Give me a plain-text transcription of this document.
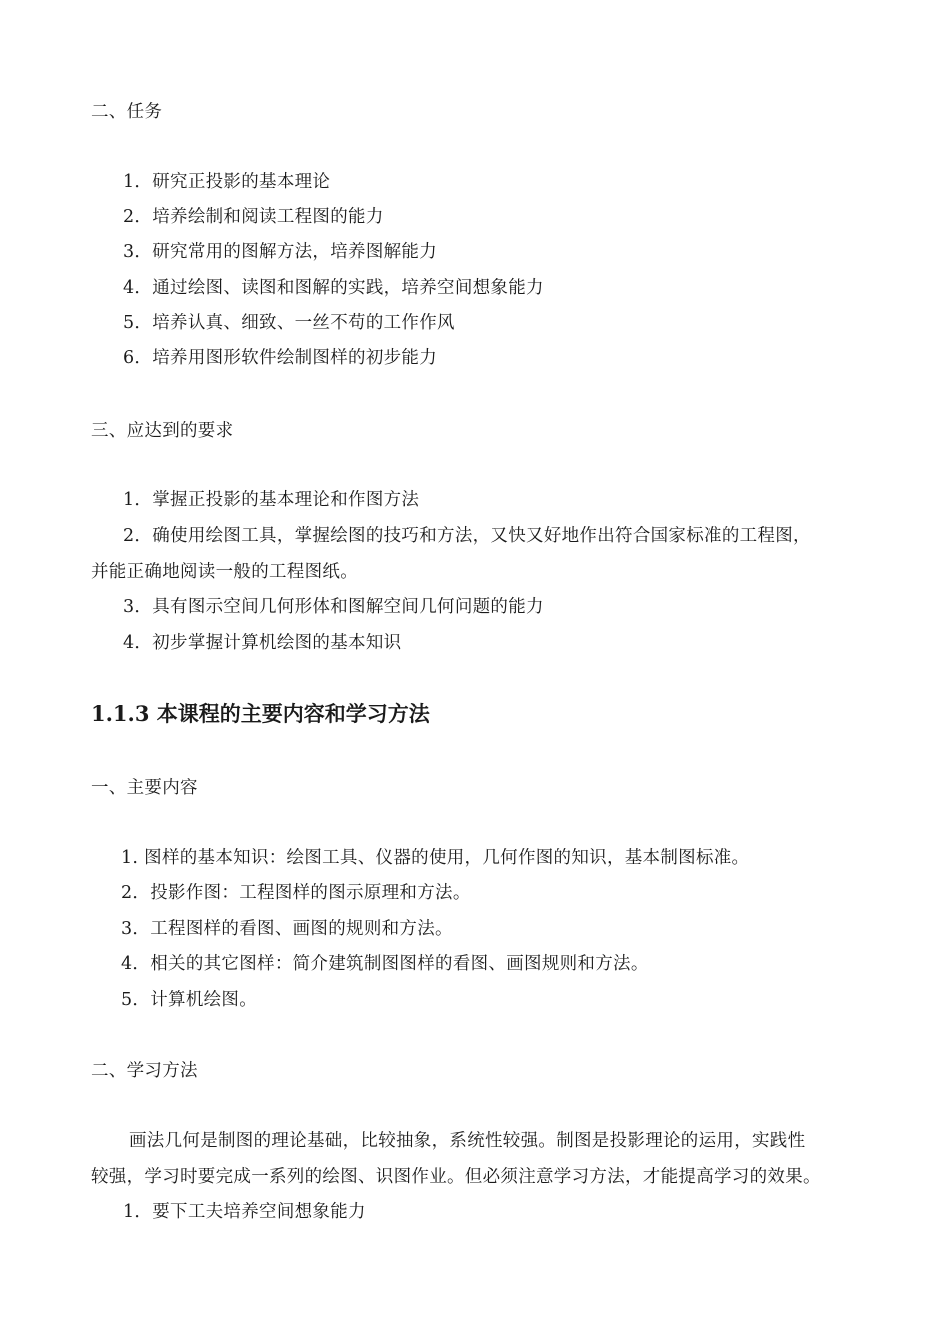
二、任务
1．研究正投影的基本理论
2．培养绘制和阅读工程图的能力
3．研究常用的图解方法，培养图解能力
4．通过绘图、读图和图解的实践，培养空间想象能力
5．培养认真、细致、一丝不苟的工作作风
6．培养用图形软件绘制图样的初步能力
三、应达到的要求
1．掌握正投影的基本理论和作图方法
2．确使用绘图工具，掌握绘图的技巧和方法，又快又好地作出符合国家标准的工程图，
并能正确地阅读一般的工程图纸。
3．具有图示空间几何形体和图解空间几何问题的能力
4．初步掌握计算机绘图的基本知识
1.1.3 本课程的主要内容和学习方法
一、主要内容
1. 图样的基本知识：绘图工具、仪器的使用，几何作图的知识，基本制图标准。
2．投影作图：工程图样的图示原理和方法。
3．工程图样的看图、画图的规则和方法。
4．相关的其它图样：简介建筑制图图样的看图、画图规则和方法。
5．计算机绘图。
二、学习方法
画法几何是制图的理论基础，比较抽象，系统性较强。制图是投影理论的运用，实践性
较强，学习时要完成一系列的绘图、识图作业。但必须注意学习方法，才能提高学习的效果。
1．要下工夫培养空间想象能力
